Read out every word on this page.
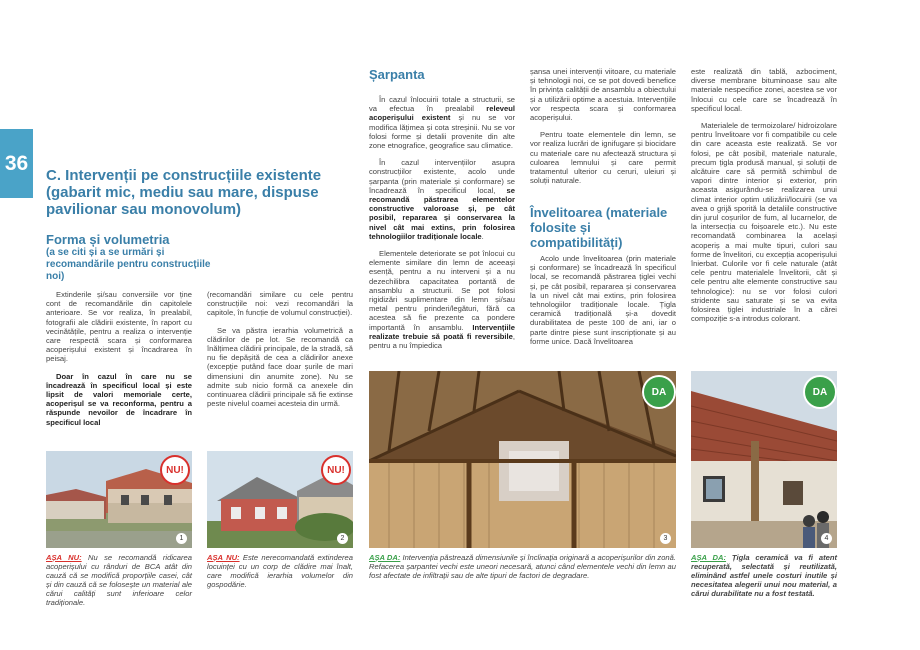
36
C. Intervenții pe construcțiile existente (gabarit mic, mediu sau mare, dispuse pavilionar sau monovolum)
Forma și volumetria
(a se citi și a se urmări și recomandările pentru construcțiile noi)

Extinderile și/sau conversiile vor ține cont de recomandările din capitolele anterioare. Se vor realiza, în prealabil, fotografii ale clădirii existente, în raport cu vecinătățile, pentru a realiza o intervenție care respectă scara și conformarea acoperișului existent și încadrarea în peisaj.

Doar în cazul în care nu se încadrează în specificul local și este lipsit de valori memoriale certe, acoperișul se va reconforma, pentru a răspunde nevoilor de încadrare în specificul local

(recomandări similare cu cele pentru construcțiile noi: vezi recomandări la capitole, în funcție de volumul construcției).

Se va păstra ierarhia volumetrică a clădirilor de pe lot. Se recomandă ca înălțimea clădirii principale, de la stradă, să nu fie depășită de cea a clădirilor anexe (excepție putând face doar șurile de mari dimensiuni din anumite zone). Nu se admite sub nicio formă ca anexele din continuarea clădirii principale să fie extinse peste nivelul coamei acesteia din urmă.

Șarpanta

În cazul înlocuirii totale a structurii, se va efectua în prealabil releveul acoperișului existent și nu se vor modifica lățimea și cota streșinii. Nu se vor folosi forme și detalii provenite din alte zone etnografice, geografice sau climatice.

În cazul intervențiilor asupra construcțiilor existente, acolo unde șarpanta (prin materiale și conformare) se încadrează în specificul local, se recomandă păstrarea elementelor constructive valoroase și, pe cât posibil, repararea și conservarea la nivel cât mai extins, prin folosirea tehnologiilor tradiționale locale.

Elementele deteriorate se pot înlocui cu elemente similare din lemn de aceeași esență, pentru a nu interveni și a nu dezechilibra capacitatea portantă de ansamblu a structurii. Se pot folosi rigidizări suplimentare din lemn și/sau metal pentru prinderi/legături, fără ca acestea să fie prezente ca pondere importantă în ansamblu. Intervențiile realizate trebuie să poată fi reversibile, pentru a nu împiedica

șansa unei intervenții viitoare, cu materiale și tehnologii noi, ce se pot dovedi benefice în privința calității de ansamblu a obiectului și a utilizării optime a acestuia. Intervențiile vor respecta scara și conformarea acoperișului.

Pentru toate elementele din lemn, se vor realiza lucrări de ignifugare și biocidare cu materiale care nu afectează structura și culoarea lemnului și care permit tratamentul ulterior cu ceruri, uleiuri și soluții naturale.

Învelitoarea (materiale folosite și compatibilități)

Acolo unde învelitoarea (prin materiale și conformare) se încadrează în specificul local, se recomandă păstrarea țiglei vechi și, pe cât posibil, repararea și conservarea la un nivel cât mai extins, prin folosirea tehnologiilor tradiționale locale. Țigla ceramică tradițională și-a dovedit durabilitatea de peste 100 de ani, iar o parte dintre piese sunt inscripționate și au forme unice. Dacă învelitoarea

este realizată din tablă, azbociment, diverse membrane bituminoase sau alte materiale nespecifice zonei, acestea se vor înlocui cu cele care se încadrează în specificul local.

Materialele de termoizolare/ hidroizolare pentru învelitoare vor fi compatibile cu cele din care aceasta este realizată. Se vor folosi, pe cât posibil, materiale naturale, precum țigla produsă manual, și soluții de alcătuire care să permită schimbul de vapori dintre interior și exterior, prin aceasta asigurându-se realizarea unui climat interior optim utilizării/locuirii (se va avea o grijă sporită la detaliile constructive din jurul coșurilor de fum, al lucarnelor, de la intersecția cu foișoarele etc.). Nu este recomandată combinarea la același acoperiș a mai multe tipuri, culori sau forme de învelitori, cu excepția acoperișului înierbat. Culorile vor fi cele naturale (atât cele pentru materialele învelitorii, cât și cele pentru alte elemente constructive sau tehnologice): nu se vor folosi culori stridente sau saturate și se va evita folosirea țiglei industriale în a cărei compoziție s-a introdus colorant.

NU!
1
NU!
2
DA
3
DA
4
AȘA NU: Nu se recomandă ridicarea acoperișului cu rânduri de BCA atât din cauză că se modifică proporțiile casei, cât și din cauză că se folosește un material ale cărui calități sunt inferioare celor tradiționale.
AȘA NU: Este nerecomandată extinderea locuinței cu un corp de clădire mai înalt, care modifică ierarhia volumelor din gospodărie.
AȘA DA: Intervenția păstrează dimensiunile și înclinația originară a acoperișurilor din zonă. Refacerea șarpantei vechi este uneori necesară, atunci când elementele vechi din lemn au fost afectate de infiltrații sau de alte tipuri de factori de degradare.
AȘA DA: Țigla ceramică va fi atent recuperată, selectată și reutilizată, eliminând astfel unele costuri inutile și necesitatea alegerii unui nou material, a cărui durabilitate nu a fost testată.
